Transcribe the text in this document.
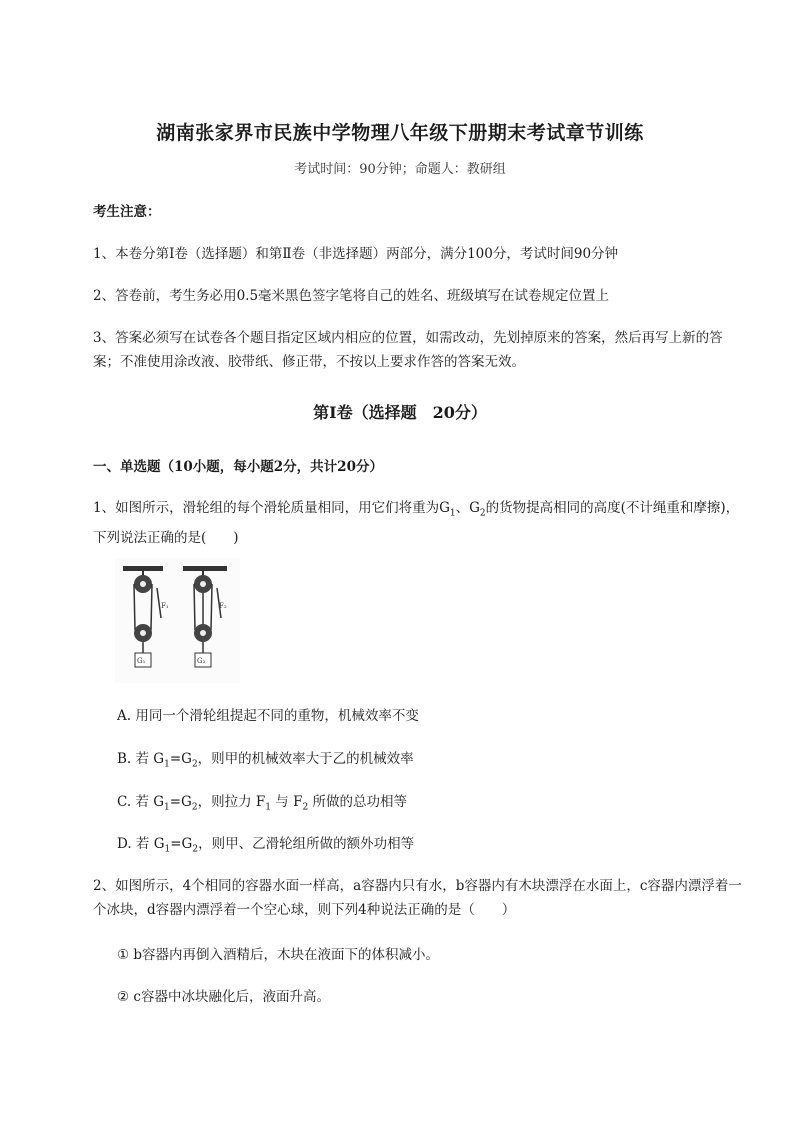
湖南张家界市民族中学物理八年级下册期末考试章节训练
考试时间：90分钟；命题人：教研组
考生注意：
1、本卷分第I卷（选择题）和第Ⅱ卷（非选择题）两部分，满分100分，考试时间90分钟
2、答卷前，考生务必用0.5毫米黑色签字笔将自己的姓名、班级填写在试卷规定位置上
3、答案必须写在试卷各个题目指定区域内相应的位置，如需改动，先划掉原来的答案，然后再写上新的答案；不准使用涂改液、胶带纸、修正带，不按以上要求作答的答案无效。
第I卷（选择题　20分）
一、单选题（10小题，每小题2分，共计20分）
1、如图所示，滑轮组的每个滑轮质量相同，用它们将重为$G_1$、$G_2$的货物提高相同的高度(不计绳重和摩擦)，下列说法正确的是(　　)
F₁
G₁
F₂
G₂
A. 用同一个滑轮组提起不同的重物，机械效率不变
B. 若 $G_1=G_2$，则甲的机械效率大于乙的机械效率
C. 若 $G_1=G_2$，则拉力 $F_1$ 与 $F_2$ 所做的总功相等
D. 若 $G_1=G_2$，则甲、乙滑轮组所做的额外功相等
2、如图所示，4个相同的容器水面一样高，a容器内只有水，b容器内有木块漂浮在水面上，c容器内漂浮着一个冰块，d容器内漂浮着一个空心球，则下列4种说法正确的是（　　）
① b容器内再倒入酒精后，木块在液面下的体积减小。
② c容器中冰块融化后，液面升高。
